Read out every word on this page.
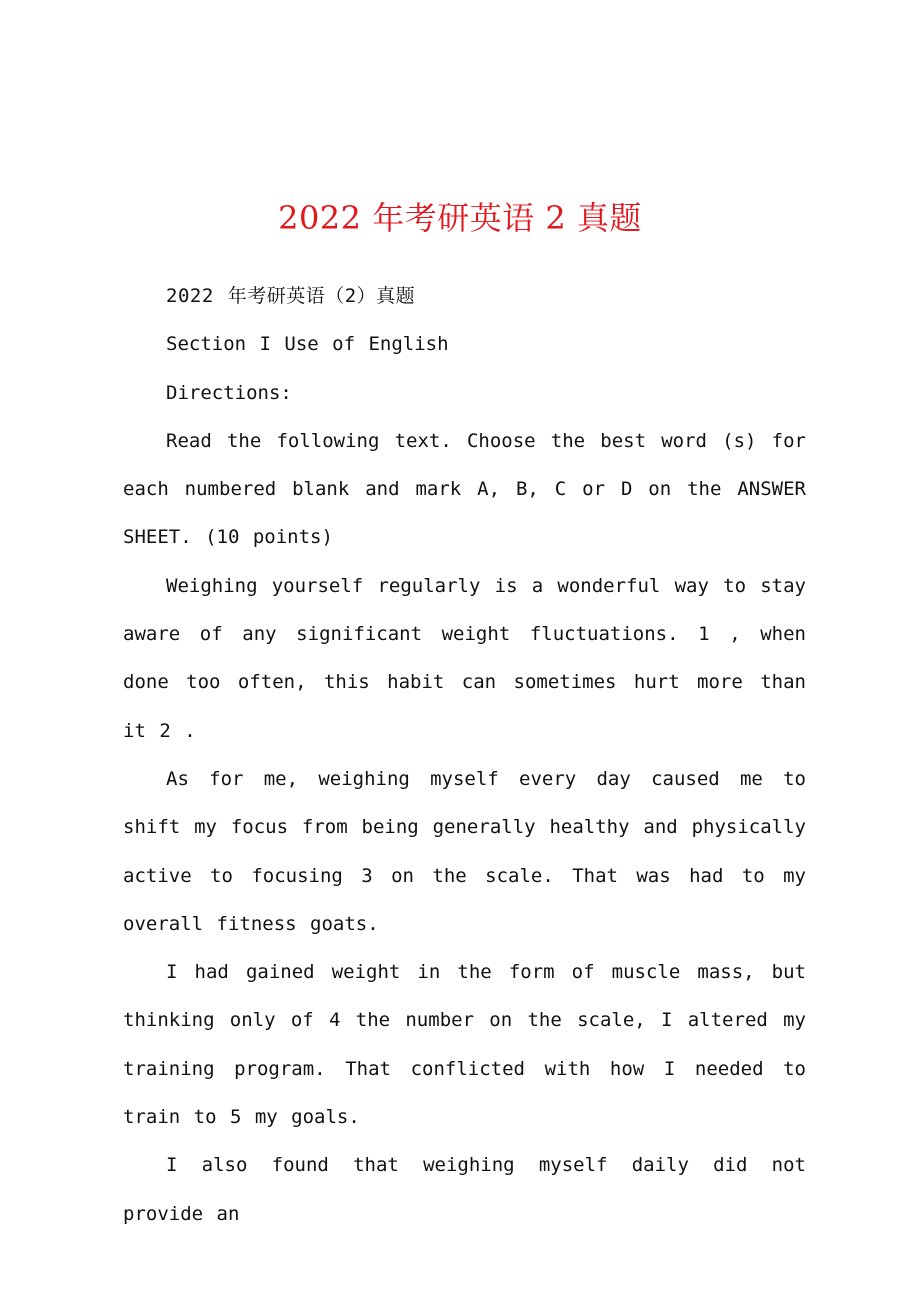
2022 年考研英语 2 真题

2022 年考研英语（2）真题

Section I Use of English

Directions:

Read the following text. Choose the best word (s) for each numbered blank and mark A, B, C or D on the ANSWER SHEET. (10 points)

Weighing yourself regularly is a wonderful way to stay aware of any significant weight fluctuations. 1 , when done too often, this habit can sometimes hurt more than it 2 .

As for me, weighing myself every day caused me to shift my focus from being generally healthy and physically active to focusing 3 on the scale. That was had to my overall fitness goats.

I had gained weight in the form of muscle mass, but thinking only of 4 the number on the scale, I altered my training program. That conflicted with how I needed to train to 5 my goals.

I also found that weighing myself daily did not provide an
